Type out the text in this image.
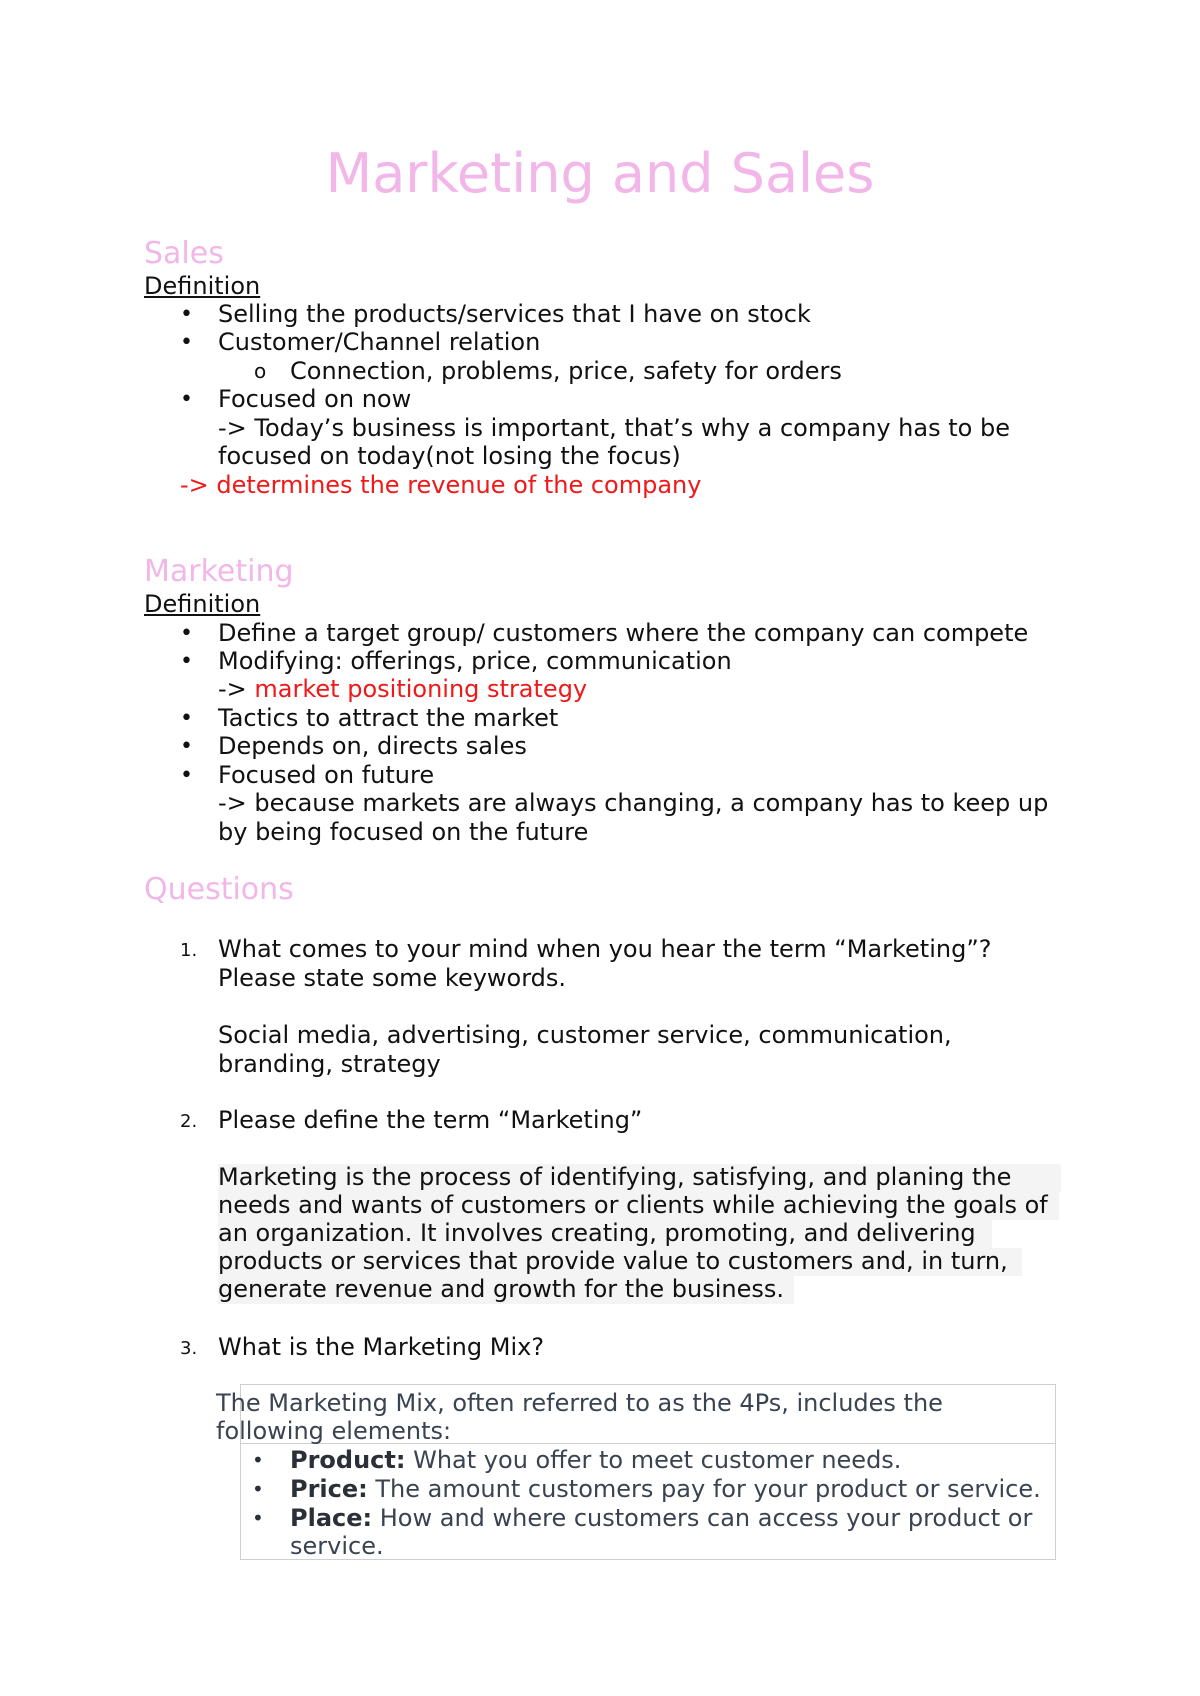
Marketing and Sales
Sales

Definition

• Selling the products/services that I have on stock

• Customer/Channel relation

o Connection, problems, price, safety for orders

• Focused on now

-> Today’s business is important, that’s why a company has to be

focused on today(not losing the focus)

-> determines the revenue of the company

Marketing

Definition

• Define a target group/ customers where the company can compete

• Modifying: offerings, price, communication

-> market positioning strategy

• Tactics to attract the market

• Depends on, directs sales

• Focused on future

-> because markets are always changing, a company has to keep up

by being focused on the future

Questions
1. What comes to your mind when you hear the term “Marketing”?

Please state some keywords.

Social media, advertising, customer service, communication,

branding, strategy

2. Please define the term “Marketing”

Marketing is the process of identifying, satisfying, and planing the

needs and wants of customers or clients while achieving the goals of

an organization. It involves creating, promoting, and delivering

products or services that provide value to customers and, in turn,

generate revenue and growth for the business.

3. What is the Marketing Mix?

The Marketing Mix, often referred to as the 4Ps, includes the

following elements:

• Product: What you offer to meet customer needs.

• Price: The amount customers pay for your product or service.

• Place: How and where customers can access your product or

service.
